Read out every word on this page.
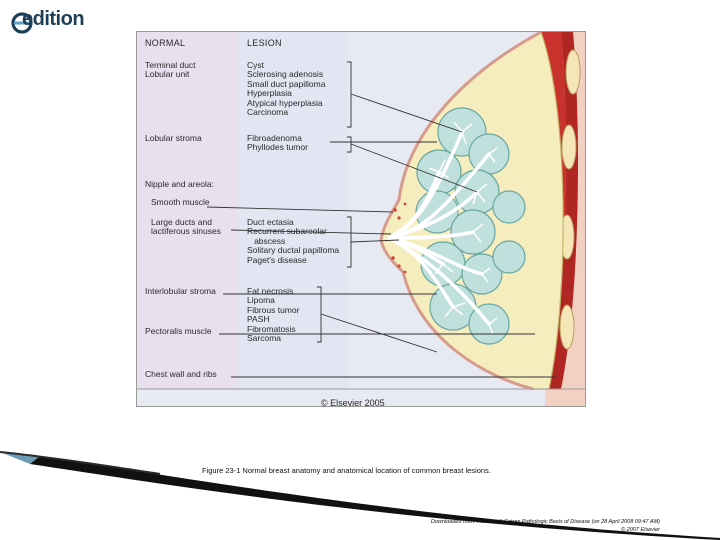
edition

NORMAL

Terminal duct
Lobular unit

Lobular stroma

Nipple and areola:

Smooth muscle

Large ducts and
lactiferous sinuses

Interlobular stroma

Pectoralis muscle

Chest wall and ribs

LESION

Cyst
Sclerosing adenosis
Small duct papilloma
Hyperplasia
Atypical hyperplasia
Carcinoma

Fibroadenoma
Phyllodes tumor

Duct ectasia
Recurrent subareolar
abscess
Solitary ductal papilloma
Paget's disease

Fat necrosis
Lipoma
Fibrous tumor
PASH
Fibromatosis
Sarcoma

© Elsevier 2005
Figure 23-1 Normal breast anatomy and anatomical location of common breast lesions.
Downloaded from: Robbins & Cotran Pathologic Basis of Disease (on 28 April 2008 09:47 AM)
© 2007 Elsevier
